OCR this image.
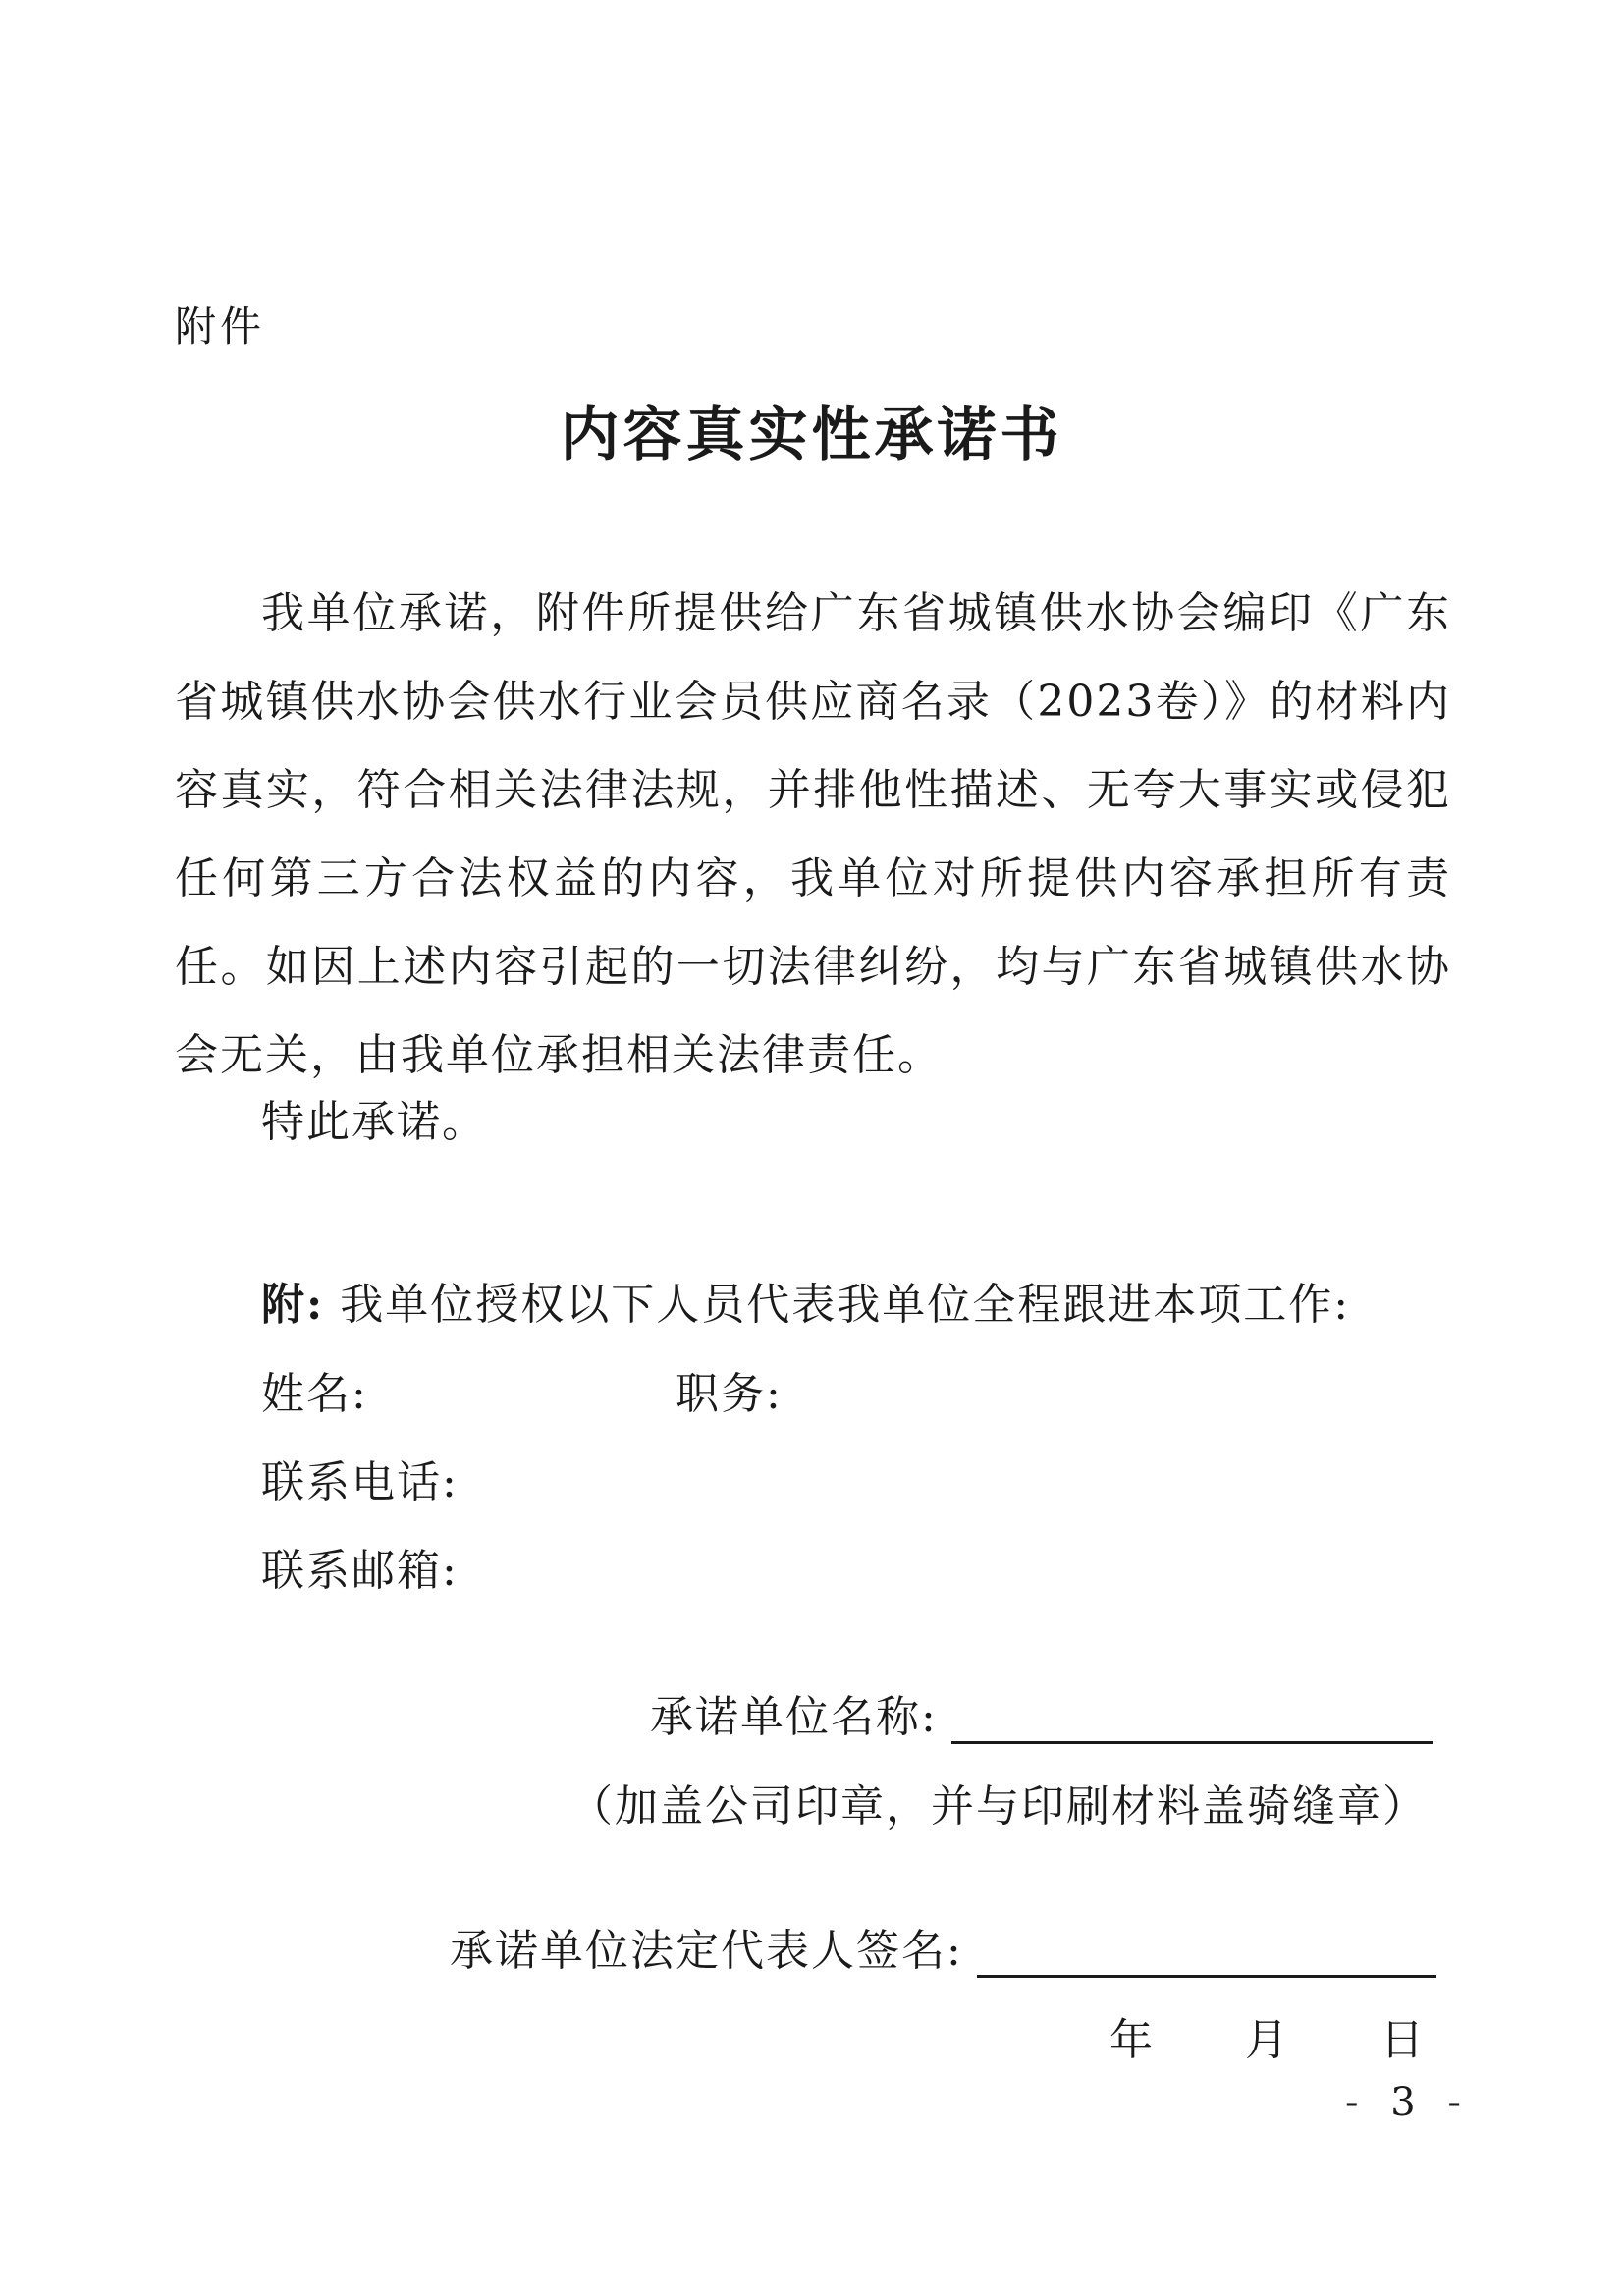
附件
内容真实性承诺书
我单位承诺，附件所提供给广东省城镇供水协会编印《广东省城镇供水协会供水行业会员供应商名录（2023卷）》的材料内容真实，符合相关法律法规，并排他性描述、无夸大事实或侵犯任何第三方合法权益的内容，我单位对所提供内容承担所有责任。如因上述内容引起的一切法律纠纷，均与广东省城镇供水协会无关，由我单位承担相关法律责任。
特此承诺。
附: 我单位授权以下人员代表我单位全程跟进本项工作:
姓名:	职务:
联系电话:
联系邮箱:
承诺单位名称:
（加盖公司印章，并与印刷材料盖骑缝章）
承诺单位法定代表人签名:
年 月 日
- 3 -
